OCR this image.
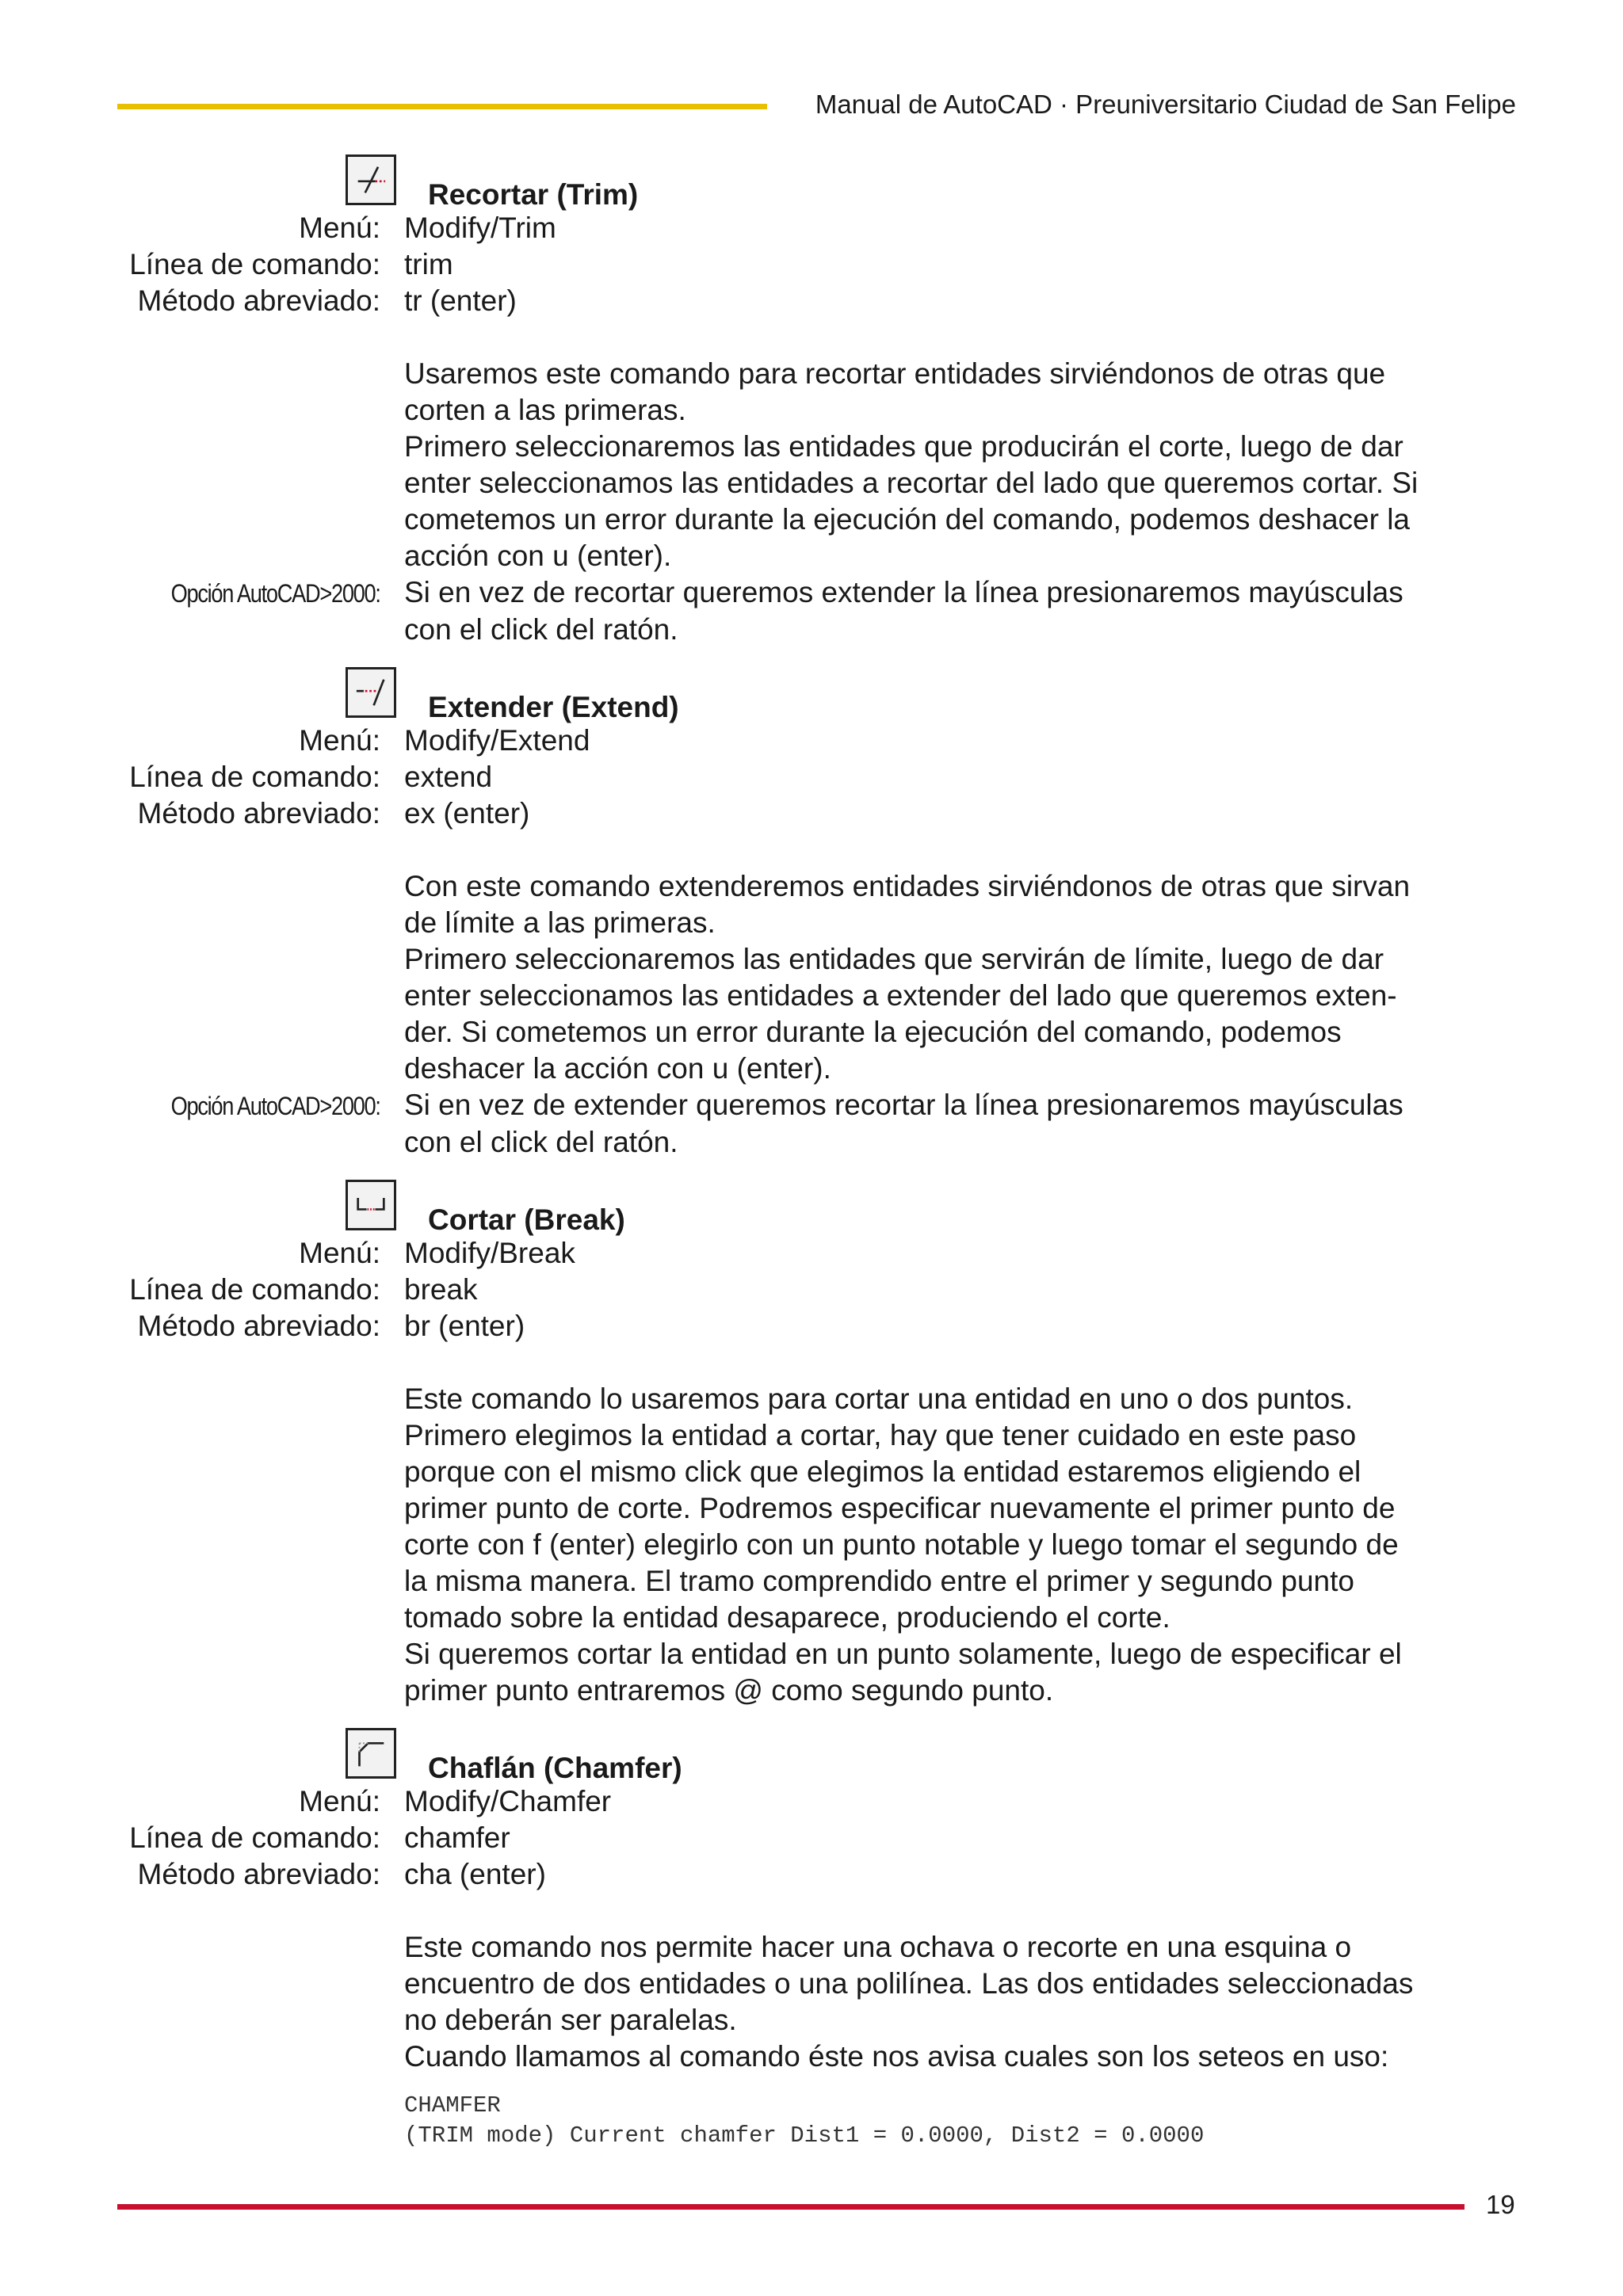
Manual de AutoCAD · Preuniversitario Ciudad de San Felipe
Recortar (Trim)
Menú: Modify/Trim
Línea de comando: trim
Método abreviado: tr (enter)
Usaremos este comando para recortar entidades sirviéndonos de otras que
corten a las primeras.
Primero seleccionaremos las entidades que producirán el corte, luego de dar
enter seleccionamos las entidades a recortar del lado que queremos cortar. Si
cometemos un error durante la ejecución del comando, podemos deshacer la
acción con u (enter).
Opción AutoCAD>2000: Si en vez de recortar queremos extender la línea presionaremos mayúsculas
con el click del ratón.
Extender (Extend)
Menú: Modify/Extend
Línea de comando: extend
Método abreviado: ex (enter)
Con este comando extenderemos entidades sirviéndonos de otras que sirvan
de límite a las primeras.
Primero seleccionaremos las entidades que servirán de límite, luego de dar
enter seleccionamos las entidades a extender del lado que queremos exten-
der. Si cometemos un error durante la ejecución del comando, podemos
deshacer la acción con u (enter).
Opción AutoCAD>2000: Si en vez de extender queremos recortar la línea presionaremos mayúsculas
con el click del ratón.
Cortar (Break)
Menú: Modify/Break
Línea de comando: break
Método abreviado: br (enter)
Este comando lo usaremos para cortar una entidad en uno o dos puntos.
Primero elegimos la entidad a cortar, hay que tener cuidado en este paso
porque con el mismo click que elegimos la entidad estaremos eligiendo el
primer punto de corte. Podremos especificar nuevamente el primer punto de
corte con f (enter) elegirlo con un punto notable y luego tomar el segundo de
la misma manera. El tramo comprendido entre el primer y segundo punto
tomado sobre la entidad desaparece, produciendo el corte.
Si queremos cortar la entidad en un punto solamente, luego de especificar el
primer punto entraremos @ como segundo punto.
Chaflán (Chamfer)
Menú: Modify/Chamfer
Línea de comando: chamfer
Método abreviado: cha (enter)
Este comando nos permite hacer una ochava o recorte en una esquina o
encuentro de dos entidades o una polilínea. Las dos entidades seleccionadas
no deberán ser paralelas.
Cuando llamamos al comando éste nos avisa cuales son los seteos en uso:
CHAMFER
(TRIM mode) Current chamfer Dist1 = 0.0000, Dist2 = 0.0000
19
